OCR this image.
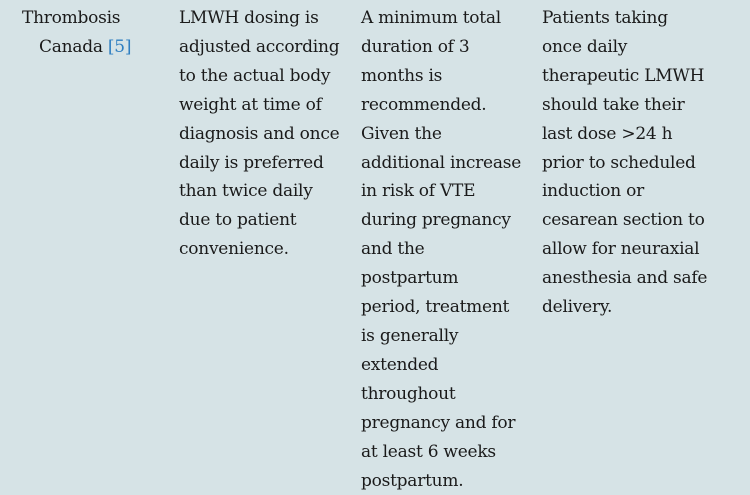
Thrombosis
Canada [5]
LMWH dosing is
adjusted according
to the actual body
weight at time of
diagnosis and once
daily is preferred
than twice daily
due to patient
convenience.
A minimum total
duration of 3
months is
recommended.
Given the
additional increase
in risk of VTE
during pregnancy
and the
postpartum
period, treatment
is generally
extended
throughout
pregnancy and for
at least 6 weeks
postpartum.
Patients taking
once daily
therapeutic LMWH
should take their
last dose >24 h
prior to scheduled
induction or
cesarean section to
allow for neuraxial
anesthesia and safe
delivery.
